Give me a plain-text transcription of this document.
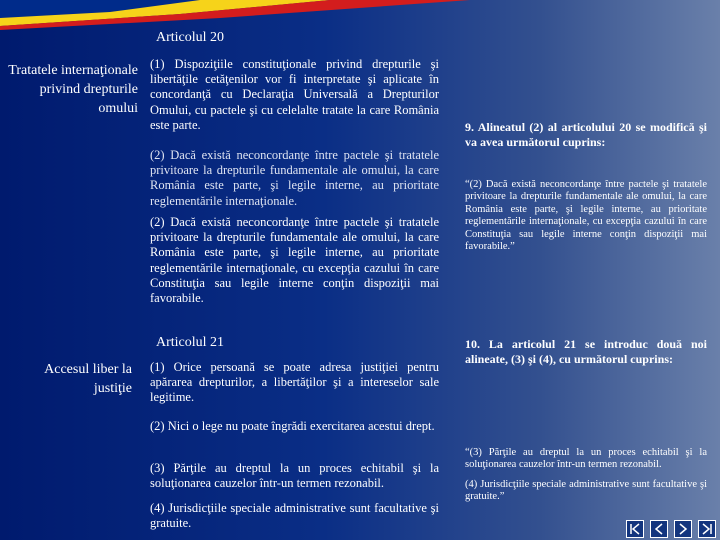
Articolul 20
Tratatele internaţionale privind drepturile omului
(1) Dispoziţiile constituţionale privind drepturile şi libertăţile cetăţenilor vor fi interpretate şi aplicate în concordanţă cu Declaraţia Universală a Drepturilor Omului, cu pactele şi cu celelalte tratate la care România este parte.
(2) Dacă există neconcordanţe între pactele şi tratatele privitoare la drepturile fundamentale ale omului, la care România este parte, şi legile interne, au prioritate reglementările internaţionale.
(2) Dacă există neconcordanţe între pactele şi tratatele privitoare la drepturile fundamentale ale omului, la care România este parte, şi legile interne, au prioritate reglementările internaţionale, cu excepţia cazului în care Constituţia sau legile interne conţin dispoziţii mai favorabile.
Articolul 21
Accesul liber la justiţie
(1) Orice persoană se poate adresa justiţiei pentru apărarea drepturilor, a libertăţilor şi a intereselor sale legitime.
(2) Nici o lege nu poate îngrădi exercitarea acestui drept.
(3) Părţile au dreptul la un proces echitabil şi la soluţionarea cauzelor într-un termen rezonabil.
(4) Jurisdicţiile speciale administrative sunt facultative şi gratuite.
9. Alineatul (2) al articolului 20 se modifică şi va avea următorul cuprins:
“(2) Dacă există neconcordanţe între pactele şi tratatele privitoare la drepturile fundamentale ale omului, la care România este parte, şi legile interne, au prioritate reglementările internaţionale, cu excepţia cazului în care Constituţia sau legile interne conţin dispoziţii mai favorabile.”
10. La articolul 21 se introduc două noi alineate, (3) şi (4), cu următorul cuprins:
“(3) Părţile au dreptul la un proces echitabil şi la soluţionarea cauzelor într-un termen rezonabil.
(4) Jurisdicţiile speciale administrative sunt facultative şi gratuite.”
